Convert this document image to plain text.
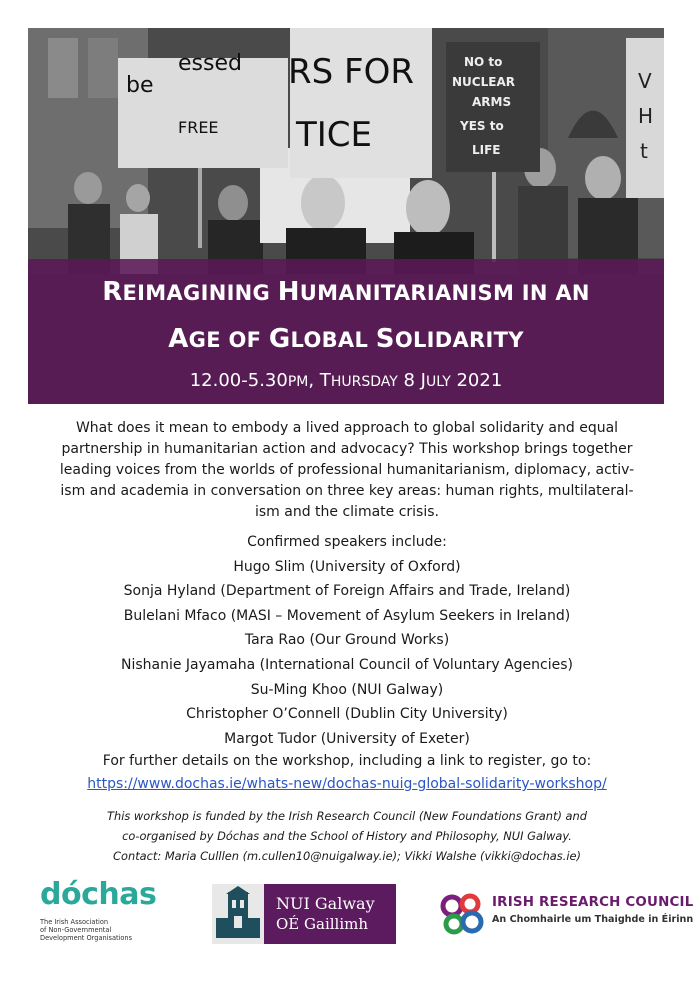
be
essed
FREE
RS FOR
TICE
NO to
NUCLEAR
ARMS
YES to
LIFE
V
H
t
REIMAGINING HUMANITARIANISM IN AN
AGE OF GLOBAL SOLIDARITY
12.00-5.30PM, THURSDAY 8 JULY 2021
What does it mean to embody a lived approach to global solidarity and equal
partnership in humanitarian action and advocacy? This workshop brings together
leading voices from the worlds of professional humanitarianism, diplomacy, activ-
ism and academia in conversation on three key areas: human rights, multilateral-
ism and the climate crisis.
Confirmed speakers include:
Hugo Slim (University of Oxford)
Sonja Hyland (Department of Foreign Affairs and Trade, Ireland)
Bulelani Mfaco (MASI – Movement of Asylum Seekers in Ireland)
Tara Rao (Our Ground Works)
Nishanie Jayamaha (International Council of Voluntary Agencies)
Su-Ming Khoo (NUI Galway)
Christopher O’Connell (Dublin City University)
Margot Tudor (University of Exeter)
For further details on the workshop, including a link to register, go to:
https://www.dochas.ie/whats-new/dochas-nuig-global-solidarity-workshop/
This workshop is funded by the Irish Research Council (New Foundations Grant) and
co-organised by Dóchas and the School of History and Philosophy, NUI Galway.
Contact: Maria Culllen (m.cullen10@nuigalway.ie); Vikki Walshe (vikki@dochas.ie)
dóchas
The Irish Association
of Non-Governmental
Development Organisations
NUI Galway
OÉ Gaillimh
IRISH RESEARCH COUNCIL
An Chomhairle um Thaighde in Éirinn
